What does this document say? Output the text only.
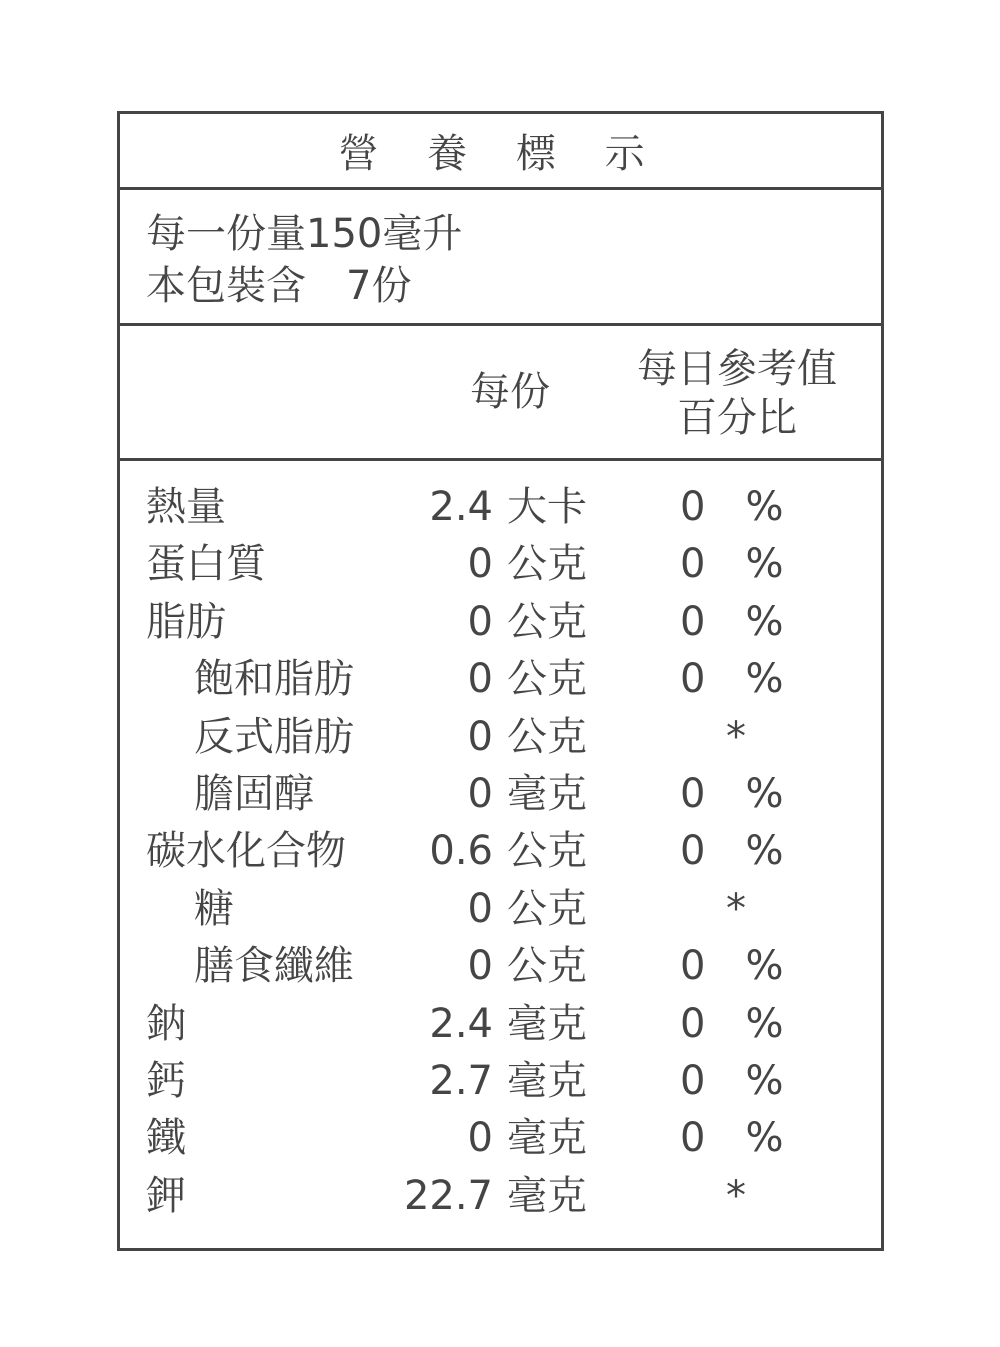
營 養 標 示
每一份量150毫升
本包裝含　7份
每份	每日參考值
百分比
熱量	2.4 大卡 0　%
蛋白質	0 公克 0　%
脂肪	0 公克 0　%
飽和脂肪	0 公克 0　%
反式脂肪	0 公克	*
膽固醇	0 毫克 0　%
碳水化合物 0.6 公克 0　%
糖	0 公克	*
膳食纖維	0 公克 0　%
鈉	2.4 毫克 0　%
鈣	2.7 毫克 0　%
鐵	0 毫克 0　%
鉀	22.7 毫克	*
